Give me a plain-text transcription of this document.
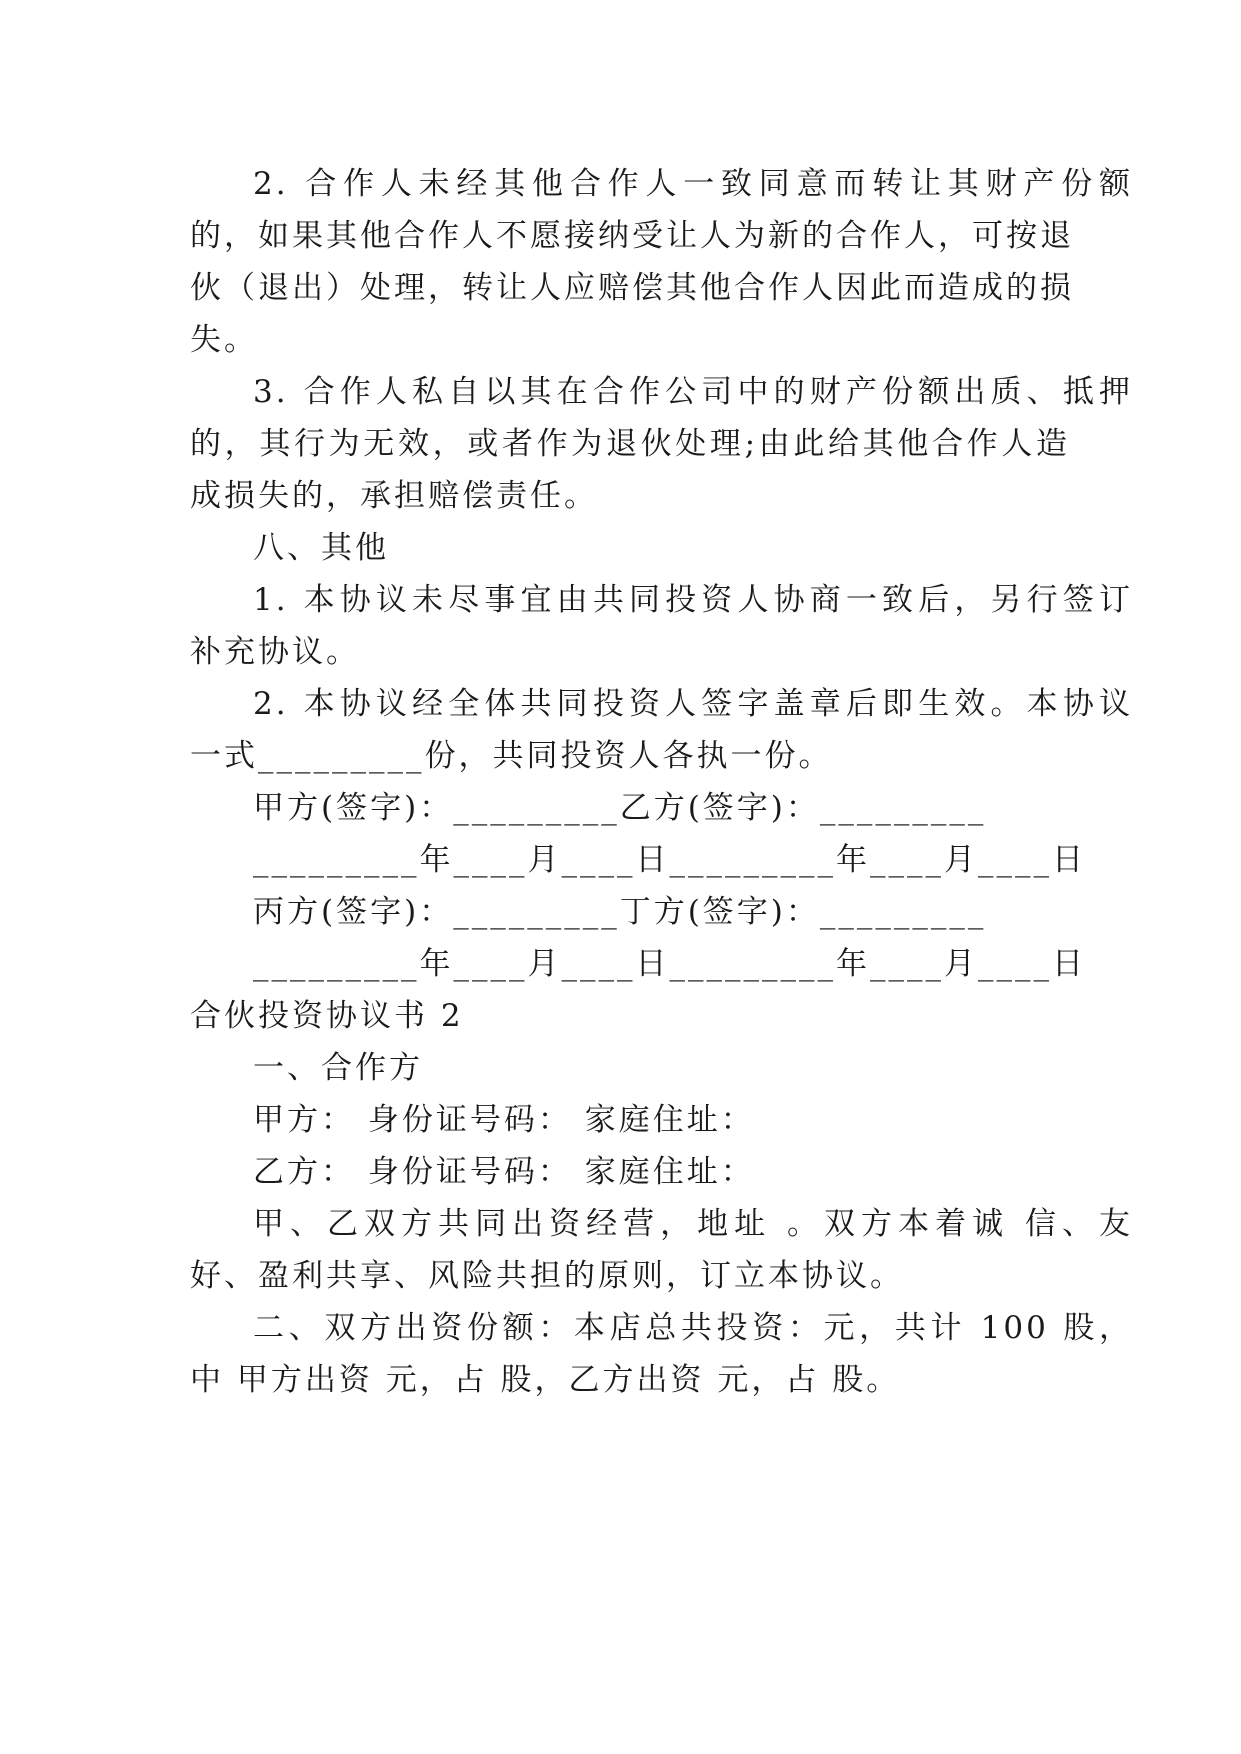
2. 合作人未经其他合作人一致同意而转让其财产份额
的，如果其他合作人不愿接纳受让人为新的合作人，可按退
伙（退出）处理，转让人应赔偿其他合作人因此而造成的损
失。
3. 合作人私自以其在合作公司中的财产份额出质、抵押
的，其行为无效，或者作为退伙处理;由此给其他合作人造
成损失的，承担赔偿责任。
八、其他
1. 本协议未尽事宜由共同投资人协商一致后，另行签订
补充协议。
2. 本协议经全体共同投资人签字盖章后即生效。本协议
一式_________份，共同投资人各执一份。
甲方(签字)：_________乙方(签字)：_________
_________年____月____日_________年____月____日
丙方(签字)：_________丁方(签字)：_________
_________年____月____日_________年____月____日
合伙投资协议书 2
一、合作方
甲方： 身份证号码： 家庭住址：
乙方： 身份证号码： 家庭住址：
甲、乙双方共同出资经营，地址 。双方本着诚 信、友
好、盈利共享、风险共担的原则，订立本协议。
二、双方出资份额：本店总共投资：元，共计 100 股，
中 甲方出资 元，占 股，乙方出资 元，占 股。
